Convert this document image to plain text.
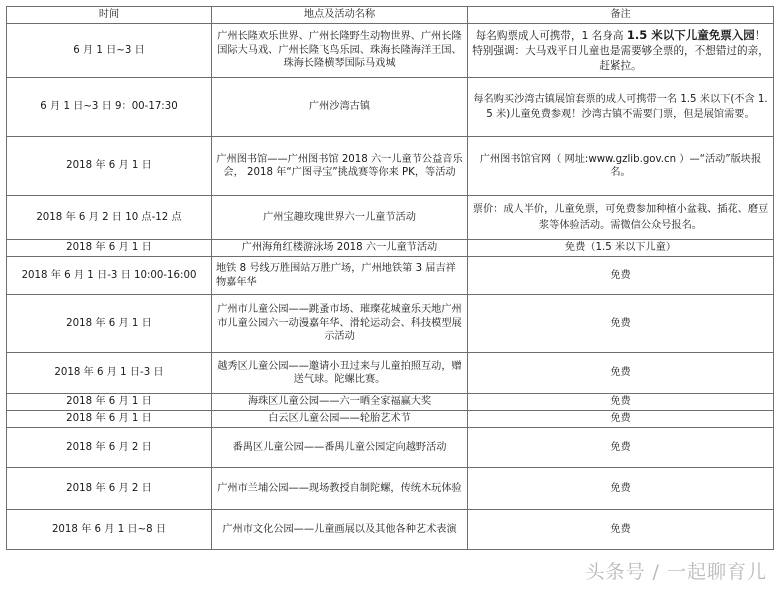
时间	地点及活动名称	备注
6 月 1 日~3 日	广州长隆欢乐世界、广州长隆野生动物世界、广州长隆国际大马戏、广州长隆飞鸟乐园、珠海长隆海洋王国、珠海长隆横琴国际马戏城	每名购票成人可携带，1 名身高 1.5 米以下儿童免票入园！特别强调：大马戏平日儿童也是需要够全票的，不想错过的亲，赶紧拉。
6 月 1 日~3 日 9：00-17:30	广州沙湾古镇	每名购买沙湾古镇展馆套票的成人可携带一名 1.5 米以下(不含 1.5 米)儿童免费参观！沙湾古镇不需要门票，但是展馆需要。
2018 年 6 月 1 日	广州图书馆——广州图书馆 2018 六一儿童节公益音乐会， 2018 年“广图寻宝”挑战赛等你来 PK，等活动	广州图书馆官网（ 网址:www.gzlib.gov.cn ）—“活动”版块报名。
2018 年 6 月 2 日 10 点-12 点	广州宝趣玫瑰世界六一儿童节活动	票价：成人半价，儿童免票，可免费参加种植小盆栽、插花、磨豆浆等体验活动。需微信公众号报名。
2018 年 6 月 1 日	广州海角红楼游泳场 2018 六一儿童节活动	免费（1.5 米以下儿童）
2018 年 6 月 1 日-3 日 10:00-16:00	地铁 8 号线万胜围站万胜广场，广州地铁第 3 届吉祥物嘉年华	免费
2018 年 6 月 1 日	广州市儿童公园——跳蚤市场、璀璨花城童乐天地广州市儿童公园六一动漫嘉年华、滑轮运动会、科技模型展示活动	免费
2018 年 6 月 1 日-3 日	越秀区儿童公园——邀请小丑过来与儿童拍照互动，赠送气球。陀螺比赛。	免费
2018 年 6 月 1 日	海珠区儿童公园——六一晒全家福赢大奖	免费
2018 年 6 月 1 日	白云区儿童公园——轮胎艺术节	免费
2018 年 6 月 2 日	番禺区儿童公园——番禺儿童公园定向越野活动	免费
2018 年 6 月 2 日	广州市兰埔公园——现场教授自制陀螺，传统木玩体验	免费
2018 年 6 月 1 日~8 日	广州市文化公园——儿童画展以及其他各种艺术表演	免费
头条号 / 一起聊育儿
